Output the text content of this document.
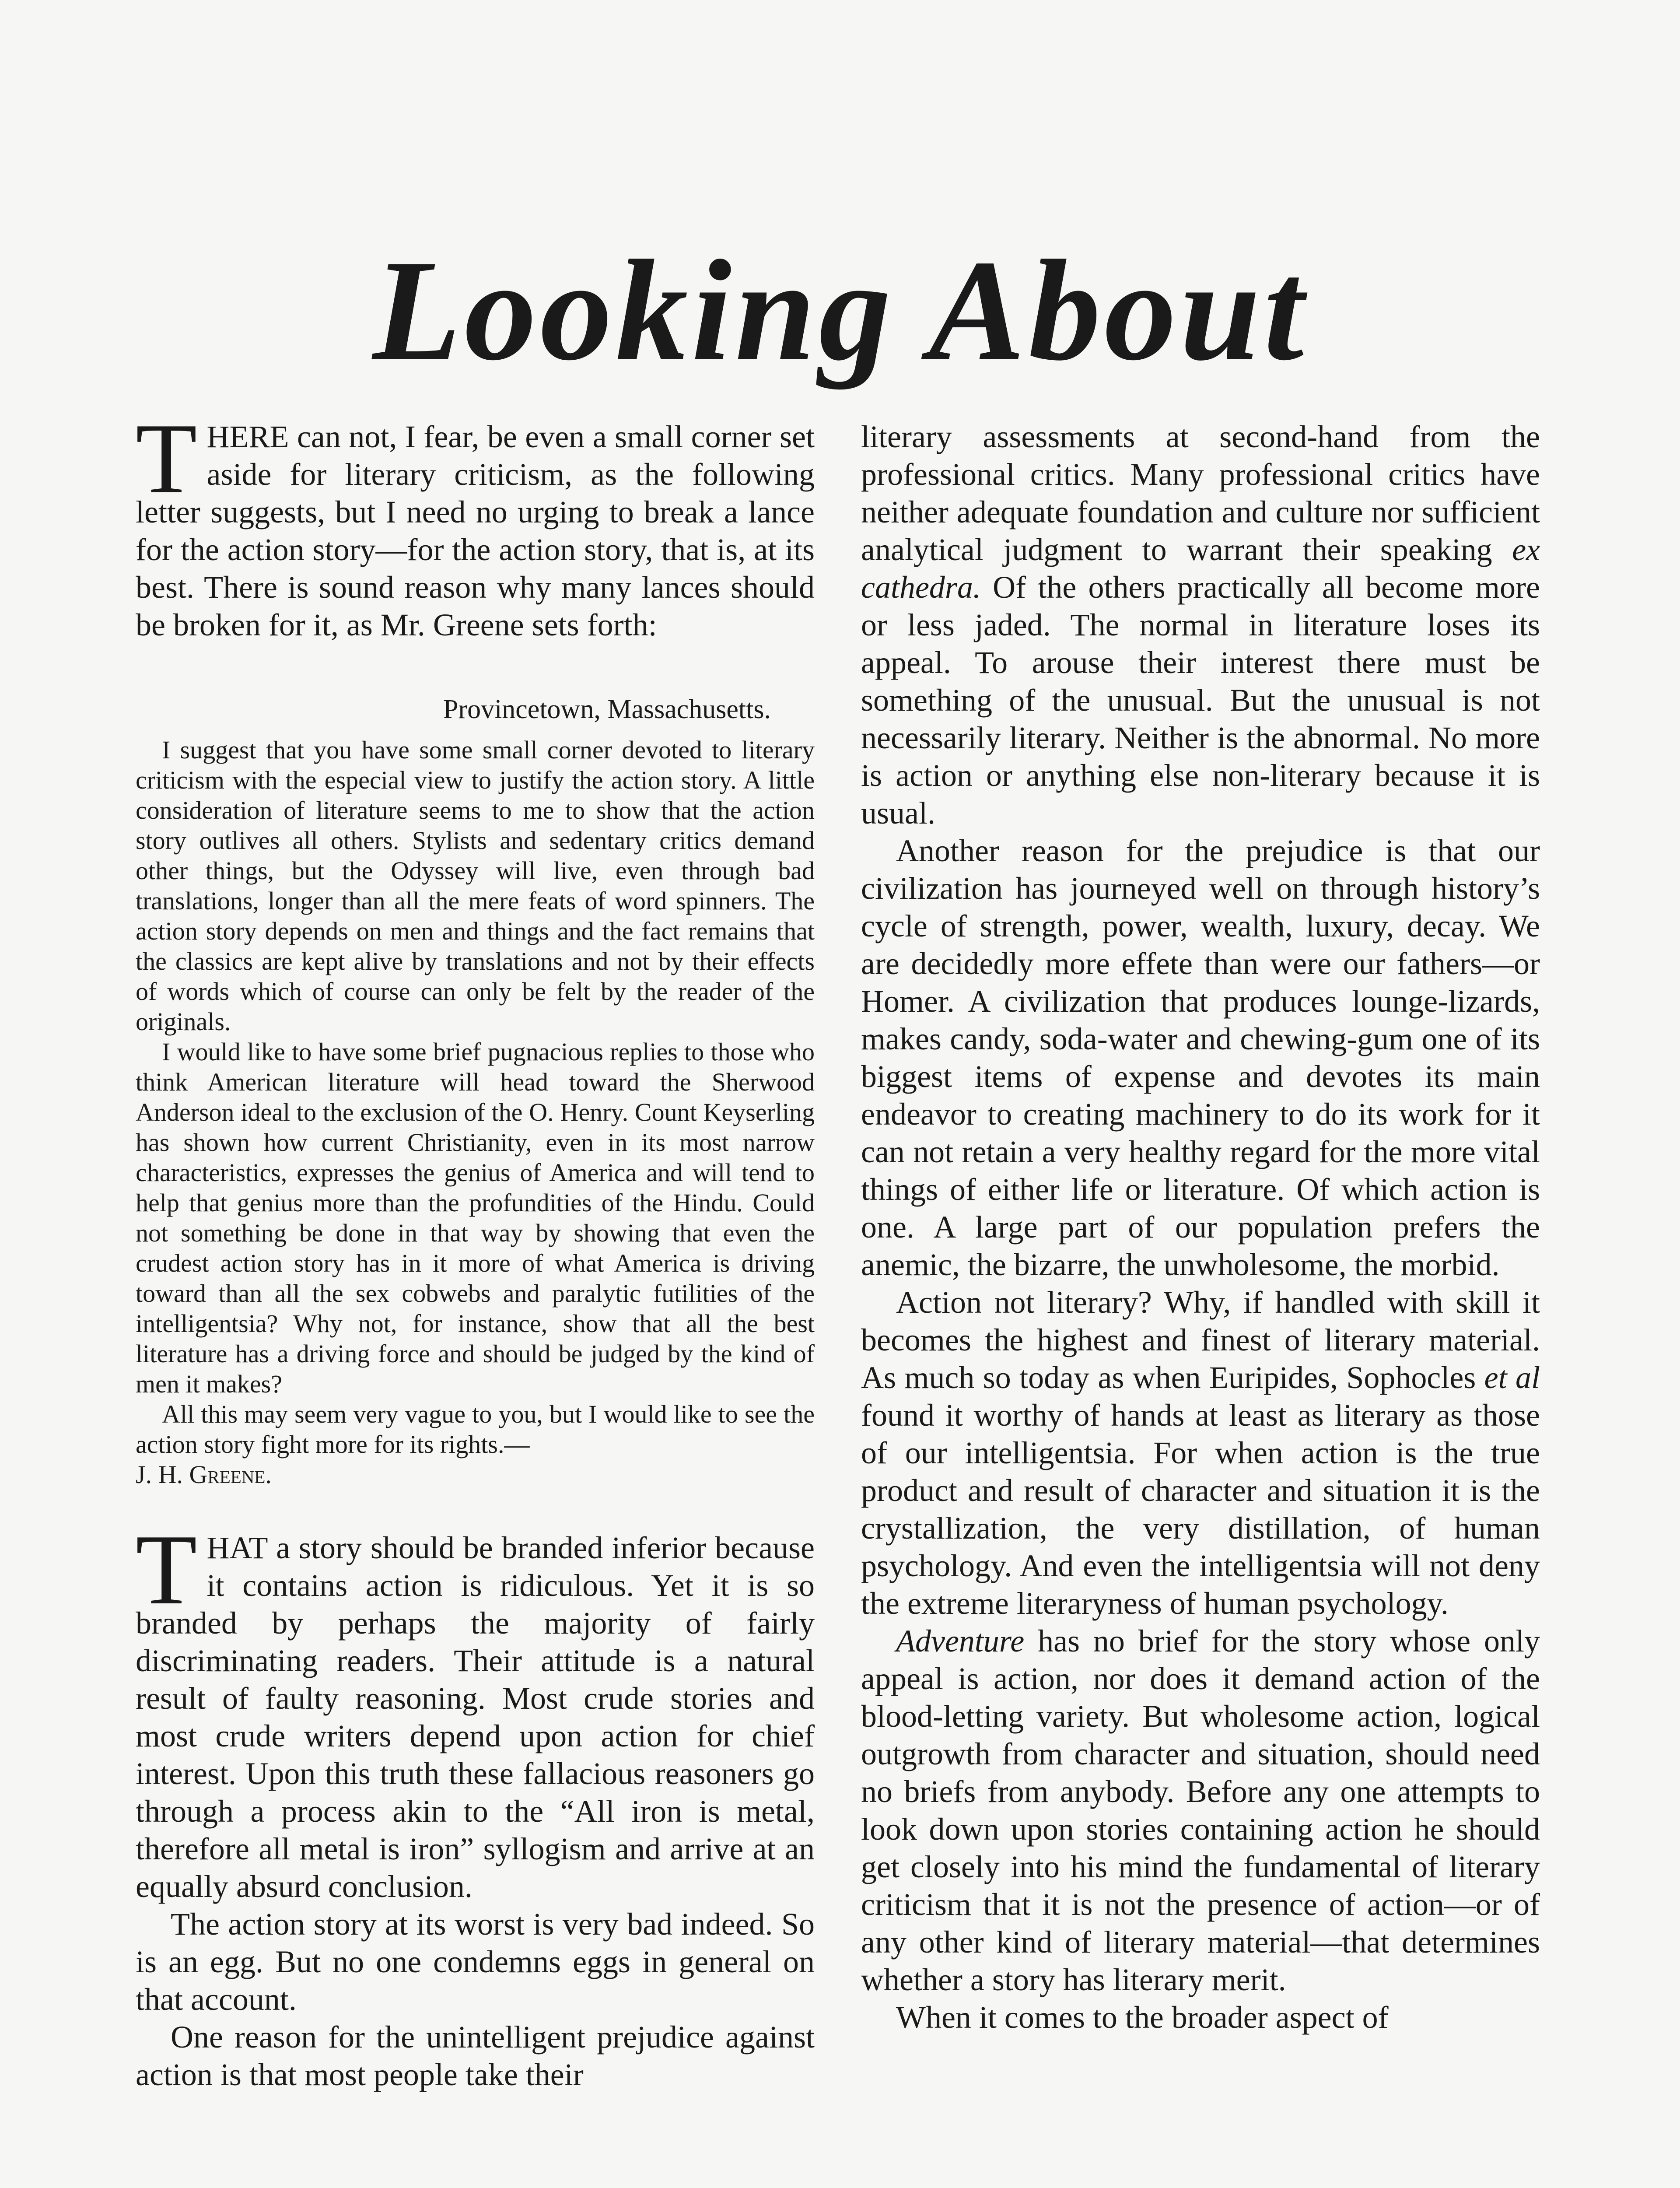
Looking About

THERE can not, I fear, be even a small corner set aside for literary criticism, as the following letter suggests, but I need no urging to break a lance for the action story—for the action story, that is, at its best. There is sound reason why many lances should be broken for it, as Mr. Greene sets forth:

Provincetown, Massachusetts.

I suggest that you have some small corner devoted to literary criticism with the especial view to justify the action story. A little consideration of literature seems to me to show that the action story outlives all others. Stylists and sedentary critics demand other things, but the Odyssey will live, even through bad translations, longer than all the mere feats of word spinners. The action story depends on men and things and the fact remains that the classics are kept alive by translations and not by their effects of words which of course can only be felt by the reader of the originals.

I would like to have some brief pugnacious replies to those who think American literature will head toward the Sherwood Anderson ideal to the exclusion of the O. Henry. Count Keyserling has shown how current Christianity, even in its most narrow characteristics, expresses the genius of America and will tend to help that genius more than the profundities of the Hindu. Could not something be done in that way by showing that even the crudest action story has in it more of what America is driving toward than all the sex cobwebs and paralytic futilities of the intelligentsia? Why not, for instance, show that all the best literature has a driving force and should be judged by the kind of men it makes?

All this may seem very vague to you, but I would like to see the action story fight more for its rights.—
J. H. Greene.

THAT a story should be branded inferior because it contains action is ridiculous. Yet it is so branded by perhaps the majority of fairly discriminating readers. Their attitude is a natural result of faulty reasoning. Most crude stories and most crude writers depend upon action for chief interest. Upon this truth these fallacious reasoners go through a process akin to the “All iron is metal, therefore all metal is iron” syllogism and arrive at an equally absurd conclusion.

The action story at its worst is very bad indeed. So is an egg. But no one condemns eggs in general on that account.

One reason for the unintelligent prejudice against action is that most people take their

literary assessments at second-hand from the professional critics. Many professional critics have neither adequate foundation and culture nor sufficient analytical judgment to warrant their speaking ex cathedra. Of the others practically all become more or less jaded. The normal in literature loses its appeal. To arouse their interest there must be something of the unusual. But the unusual is not necessarily literary. Neither is the abnormal. No more is action or anything else non-literary because it is usual.

Another reason for the prejudice is that our civilization has journeyed well on through history’s cycle of strength, power, wealth, luxury, decay. We are decidedly more effete than were our fathers—or Homer. A civilization that produces lounge-lizards, makes candy, soda-water and chewing-gum one of its biggest items of expense and devotes its main endeavor to creating machinery to do its work for it can not retain a very healthy regard for the more vital things of either life or literature. Of which action is one. A large part of our population prefers the anemic, the bizarre, the unwholesome, the morbid.

Action not literary? Why, if handled with skill it becomes the highest and finest of literary material. As much so today as when Euripides, Sophocles et al found it worthy of hands at least as literary as those of our intelligentsia. For when action is the true product and result of character and situation it is the crystallization, the very distillation, of human psychology. And even the intelligentsia will not deny the extreme literaryness of human psychology.

Adventure has no brief for the story whose only appeal is action, nor does it demand action of the blood-letting variety. But wholesome action, logical outgrowth from character and situation, should need no briefs from anybody. Before any one attempts to look down upon stories containing action he should get closely into his mind the fundamental of literary criticism that it is not the presence of action—or of any other kind of literary material—that determines whether a story has literary merit.

When it comes to the broader aspect of
